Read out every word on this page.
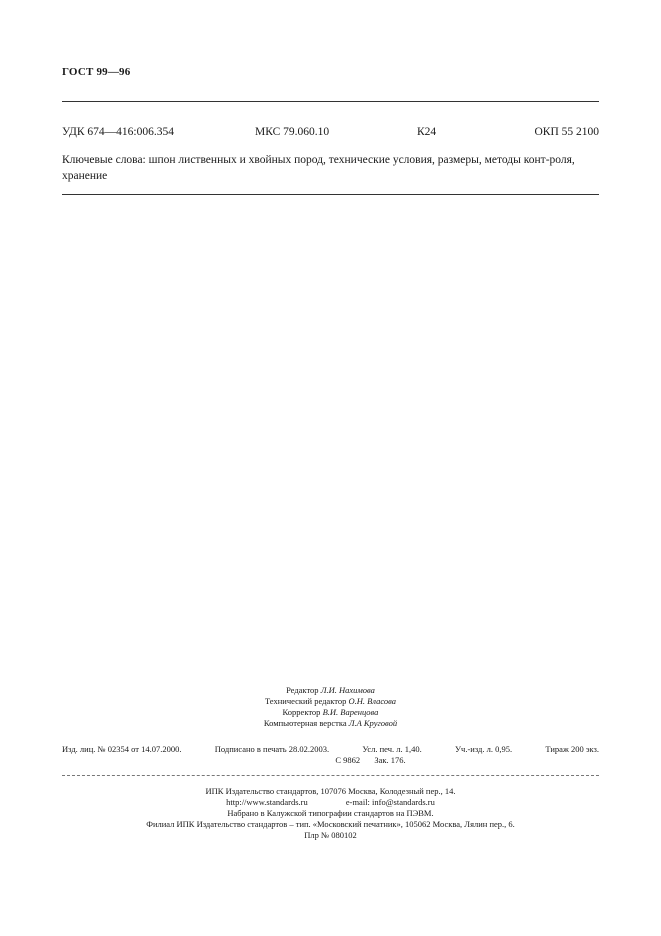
ГОСТ 99—96
УДК 674—416:006.354	МКС 79.060.10	К24	ОКП 55 2100
Ключевые слова: шпон лиственных и хвойных пород, технические условия, размеры, методы конт-роля, хранение
Редактор Л.И. Нахимова
Технический редактор О.Н. Власова
Корректор В.И. Варенцова
Компьютерная верстка Л.А Круговой
Изд. лиц. № 02354 от 14.07.2000.	Подписано в печать 28.02.2003.	Усл. печ. л. 1,40.	Уч.-изд. л. 0,95.	Тираж 200 экз.
С 9862 Зак. 176.
ИПК Издательство стандартов, 107076 Москва, Колодезный пер., 14.
http://www.standards.ru	e-mail: info@standards.ru
Набрано в Калужской типографии стандартов на ПЭВМ.
Филиал ИПК Издательство стандартов – тип. «Московский печатник», 105062 Москва, Лялин пер., 6.
Плр № 080102
